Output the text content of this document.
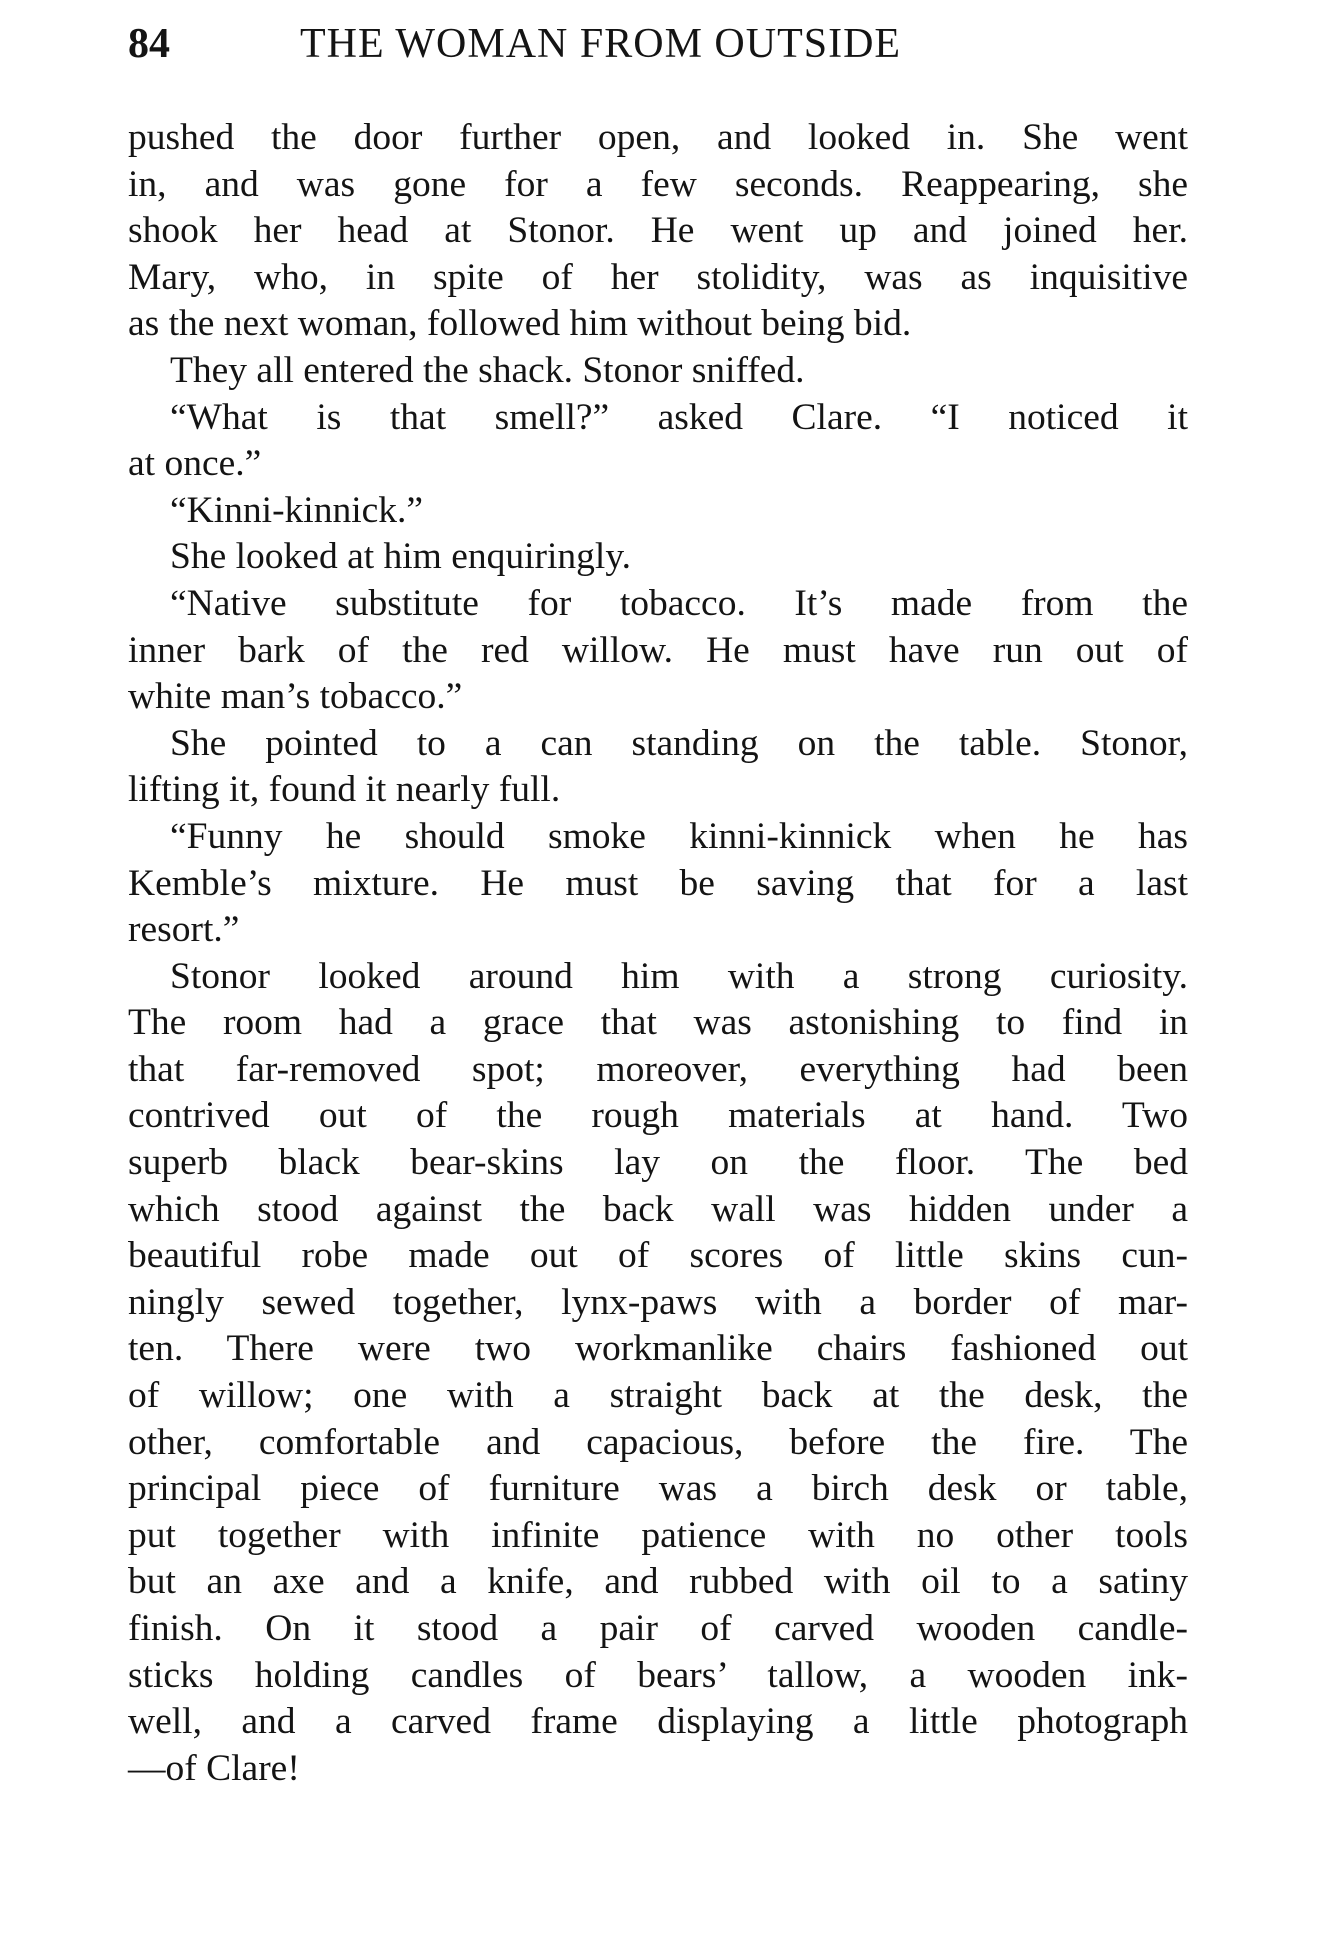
84	THE WOMAN FROM OUTSIDE
pushed the door further open, and looked in. She went
in, and was gone for a few seconds. Reappearing, she
shook her head at Stonor. He went up and joined her.
Mary, who, in spite of her stolidity, was as inquisitive
as the next woman, followed him without being bid.
They all entered the shack. Stonor sniffed.
“What is that smell?” asked Clare. “I noticed it
at once.”
“Kinni-kinnick.”
She looked at him enquiringly.
“Native substitute for tobacco. It’s made from the
inner bark of the red willow. He must have run out of
white man’s tobacco.”
She pointed to a can standing on the table. Stonor,
lifting it, found it nearly full.
“Funny he should smoke kinni-kinnick when he has
Kemble’s mixture. He must be saving that for a last
resort.”
Stonor looked around him with a strong curiosity.
The room had a grace that was astonishing to find in
that far-removed spot; moreover, everything had been
contrived out of the rough materials at hand. Two
superb black bear-skins lay on the floor. The bed
which stood against the back wall was hidden under a
beautiful robe made out of scores of little skins cun-
ningly sewed together, lynx-paws with a border of mar-
ten. There were two workmanlike chairs fashioned out
of willow; one with a straight back at the desk, the
other, comfortable and capacious, before the fire. The
principal piece of furniture was a birch desk or table,
put together with infinite patience with no other tools
but an axe and a knife, and rubbed with oil to a satiny
finish. On it stood a pair of carved wooden candle-
sticks holding candles of bears’ tallow, a wooden ink-
well, and a carved frame displaying a little photograph
—of Clare!
